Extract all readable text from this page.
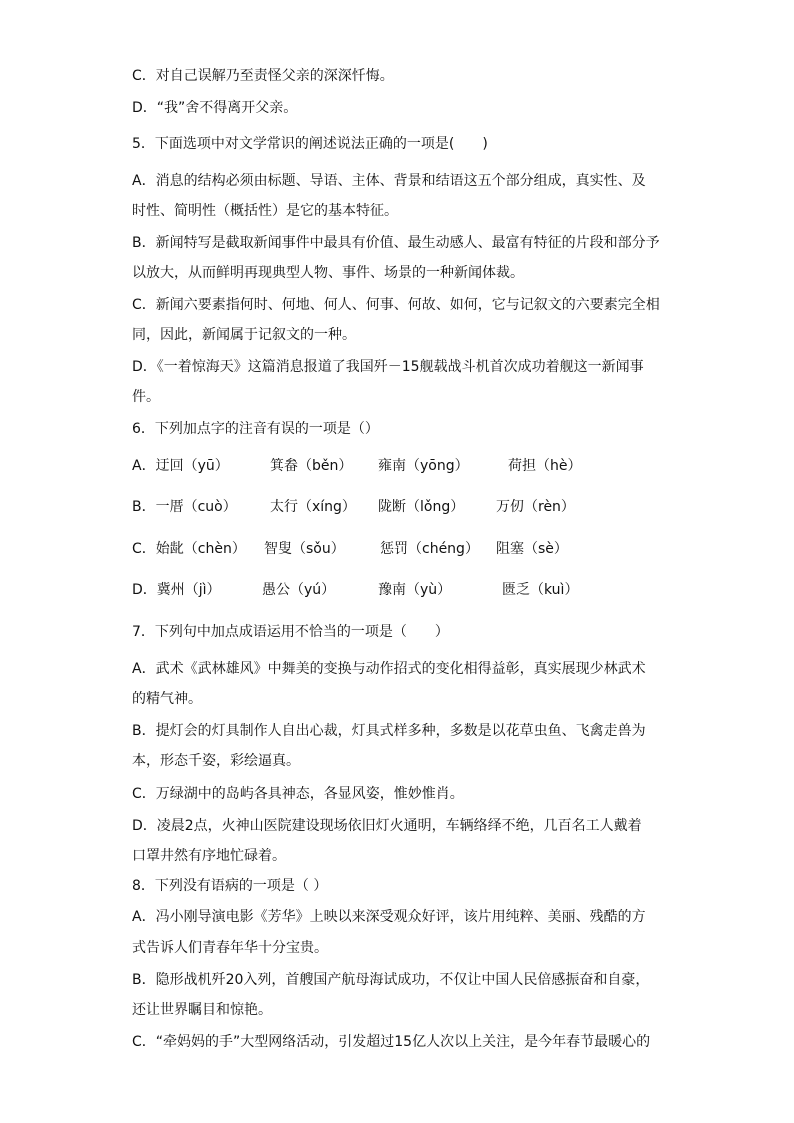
C．对自己误解乃至责怪父亲的深深忏悔。
D．“我”舍不得离开父亲。
5．下面选项中对文学常识的阐述说法正确的一项是(　　)
A．消息的结构必须由标题、导语、主体、背景和结语这五个部分组成，真实性、及
时性、简明性（概括性）是它的基本特征。
B．新闻特写是截取新闻事件中最具有价值、最生动感人、最富有特征的片段和部分予
以放大，从而鲜明再现典型人物、事件、场景的一种新闻体裁。
C．新闻六要素指何时、何地、何人、何事、何故、如何，它与记叙文的六要素完全相
同，因此，新闻属于记叙文的一种。
D．《一着惊海天》这篇消息报道了我国歼－15舰载战斗机首次成功着舰这一新闻事
件。
6．下列加点字的注音有误的一项是（）
A．迂回（yū）	箕畚（běn） 雍南（yōng）	荷担（hè）
B．一厝（cuò） 太行（xíng） 陇断（lǒng） 万仞（rèn）
C．始龀（chèn） 智叟（sǒu）	惩罚（chéng） 阻塞（sè）
D．冀州（jì）	愚公（yú）	豫南（yù）	匮乏（kuì）
7．下列句中加点成语运用不恰当的一项是（　　）
A．武术《武林雄风》中舞美的变换与动作招式的变化相得益彰，真实展现少林武术
的精气神。
B．提灯会的灯具制作人自出心裁，灯具式样多种，多数是以花草虫鱼、飞禽走兽为
本，形态千姿，彩绘逼真。
C．万绿湖中的岛屿各具神态，各显风姿，惟妙惟肖。
D．凌晨2点，火神山医院建设现场依旧灯火通明，车辆络绎不绝，几百名工人戴着
口罩井然有序地忙碌着。
8．下列没有语病的一项是（ ）
A．冯小刚导演电影《芳华》上映以来深受观众好评，该片用纯粹、美丽、残酷的方
式告诉人们青春年华十分宝贵。
B．隐形战机歼20入列，首艘国产航母海试成功，不仅让中国人民倍感振奋和自豪，
还让世界瞩目和惊艳。
C．“牵妈妈的手”大型网络活动，引发超过15亿人次以上关注，是今年春节最暖心的
